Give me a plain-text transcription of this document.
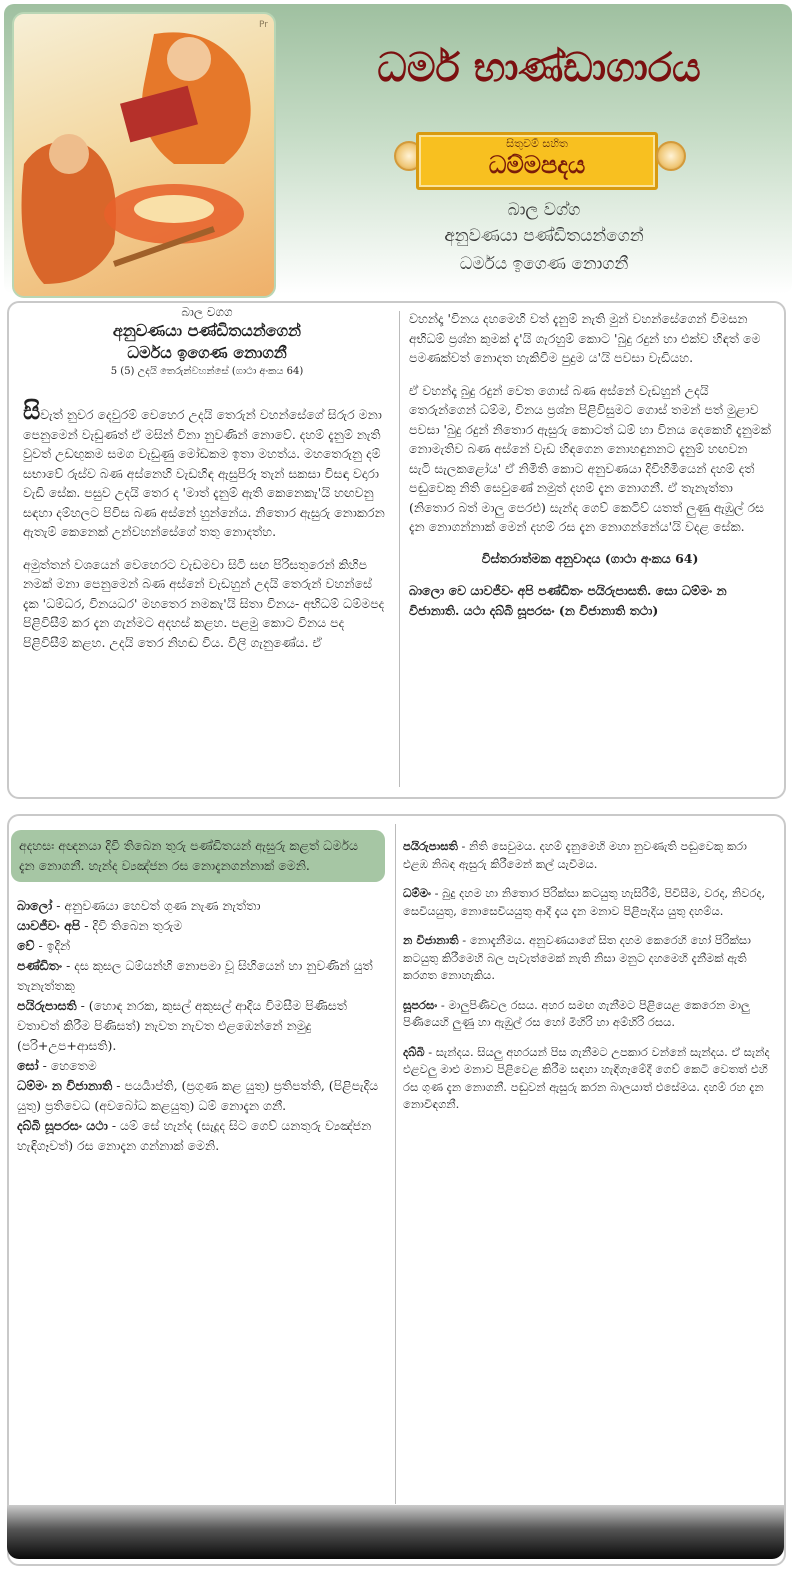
Pr
ධර්ම භාණ්ඩාගාරය
සිතුවම් සහිත
ධම්මපදය
බාල වග්ග
අනුවණයා පණ්ඩිතයන්ගෙන්
ධර්මය ඉගෙණ නොගනී

බාල වගග

අනුවණයා පණ්ඩිතයන්ගෙන්

ධර්මය ඉගෙණ නොගනී

5 (5) උදයි තෙරුන්වහන්සේ (ගාථා අංකය 64)

සිවැත් නුවර දෙවුරම් වෙහෙර උදයි තෙරුන් වහන්සේගේ සිරුර මනා පෙනුමෙන් වැඩුණත් ඒ මසින් විනා නුවණින් නොවේ. දහම් දැනුම් නැති වුවත් උඩඟුකම සමග වැඩුණු මෝඩකම ඉතා මහත්ය. මහතෙරුනු දම් සභාවේ රුස්ව බණ අස්නෙහි වැඩහිඳ ඇසුපිරූ තැන් සකසා විසඳා වදාරා වැඩි සේක. පසුව උදයි තෙර ද 'මාත් දැනුම් ඇති කෙනෙකැ'යි හඟවනු සඳහා දම්හලට පිවිස බණ අස්නේ හුන්නේය. නිතොර ඇසුරු නොකරන ඇතැම් කෙනෙක් උන්වහන්සේගේ තතු නොදත්හ.

අමුත්තන් වශයෙන් වෙහෙරට වැඩමවා සිටි සඟ පිරිසතුරෙන් කිහිප නමක් මනා පෙනුමෙන් බණ අස්නේ වැඩහුන් උදයි තෙරුන් වහන්සේ දැක 'ධම්ධර, විනයධර' මහතෙර නමකැ'යි සිතා විනය- අභිධම් ධම්මපද පිළිවිසීම් කර දැන ගැන්මට අදහස් කළහ. පළමු කොට විනය පද පිළිවිසීම් කළහ. උදයි තෙර නිහඬ විය. විලි ගැනුණේය. ඒ

වහන්දෑ 'විනය දහමෙහි වත් දැනුම් නැති මුන් වහන්සේගෙන් විමසන අභිධම් ප්‍රශ්න කුමක් දැ'යි ගැරහුම් කොට 'බුදු රදුන් හා එක්ව හිඳත් මෙ පමණක්වත් නොදත හැකිවීම පුදුම ය'යි පවසා වැඩියහ.

ඒ වහන්දෑ බුදු රදුන් වෙත ගොස් බණ අස්නේ වැඩහුන් උදයි තෙරුන්ගෙන් ධම්ම, විනය ප්‍රශ්න පිළිවිසුමට ගොස් තමන් පත් මුළාව පවසා 'බුදු රදුන් නිතොර ඇසුරු කොටත් ධම් හා විනය දෙකෙහි දැනුමක් නොමැතිව බණ අස්නේ වැඩ හිඳගෙන නොහඳුනනට දැනුම් හඟවන සැටි සැලකළෝය' ඒ නිමිති කොට අනුවණයා දිවිහිමියෙන් දහම් දත් පඬුවෙකු නිති සෙවුණේ නමුත් දහම් දැන නොගනී. ඒ තැනැත්තා (නිතොර බත් මාලු පෙරළු) සැන්ද ගෙව් කෙටිව් යතත් ලුණු ඇඹුල් රස දැන නොගන්නාක් මෙන් දහම් රස දැන නොගන්නේය'යි වදළ සේක.

විස්තරාත්මක අනුවාදය (ගාථා අංකය 64)

බාලො වෙ යාවජීවං අපි පණ්ඩිතං පයිරුපාසති. සො ධම්මං න විජානාති. යථා දබ්බි සූපරසං (න විජානාති තථා)

අදහසඃ අඥනයා දිවි තිබෙන තුරු පණ්ඩිතයන් ඇසුරු කළත් ධර්මය දැන නොගනී. හැන්ද ව්‍යඤ්ජන රස නොදැනගන්නාක් මෙනි.

බාලෝ - අනුවණයා හෙවත් ගුණ නැණ නැත්තා

යාවජීවං අපි - දිවි තිබෙන තුරුම

වේ - ඉදින්

පණ්ඩිතං - දස කුසල ධම්යන්හි නොපමා වූ සිහියෙන් හා නුවණින් යුත් තැනැත්තකු

පයිරුපාසති - (හොඳ නරක, කුසල් අකුසල් ආදිය විමසීම පිණිසත් වතාවත් කිරීම පිණිසත්) නැවත නැවත එළඹෙන්නේ නමුදු (පරි+උප+ආසති).

සෝ - හෙතෙම

ධම්මං න විජානාති - පයර්‍යාප්ති, (ප්‍රගුණ කළ යුතු) ප්‍රතිපත්ති, (පිළිපැදිය යුතු) ප්‍රතිවෙධ (අවබෝධ කළයුතු) ධම් නොදැන ගනී.

දබ්බි සූපරසං යථා - යම් සේ හැන්ද (සැදූද සිට ගෙව් යනතුරු ව්‍යඤ්ජන හැඳිගෑවත්) රස නොදැන ගන්නාක් මෙනි.

පයිරුපාසති - නිති සෙවුමය. දහම් දැනුමෙහි මහා නුවණැති පඬුවෙකු කරා එළඹ නිබඳ ඇසුරු කිරීමෙන් කල් යැවීමය.

ධම්මං - බුදු දහම හා නිතොර පිරික්සා කටයුතු හැසිරීම්, පිවිසීම, වරද, නිවරද, සෙවියයුතු, නොසෙවියයුතු ආදී දැය දැන මනාව පිළිපැදිය යුතු දහම්ය.

න විජානාති - නොදැනීමය. අනුවණයාගේ සිත දහම කෙරෙහි හෝ පිරික්සා කටයුතු කිරීමෙහි බල පැවැත්මෙක් නැති නිසා මනුට දහමෙහි දැනීමක් ඇති කරගත නොහැකිය.

සූපරසං - මාලුපිණිවල රසය. අහර සමඟ ගැනීමට පිළියෙළ කෙරෙන මාලු පිණියෙහි ලුණු හා ඇඹුල් රස හෝ මිහිරි හා අම්හිරි රසය.

දබ්බි - සැන්දය. සියලු අහරයන් පිස ගැනීමට උපකාර වන්නේ සැන්දය. ඒ සැන්ද එළවලු මාළු මනාව පිළිවෙළ කිරීම සඳහා හැඳිගෑමේදී ගෙව් කෙටි වෙතත් එහි රස ගුණ දැන නොගනී. පඬුවන් ඇසුරු කරන බාලයාත් එසේමය. දහම් රහ දැන නොවිඳගනී.
